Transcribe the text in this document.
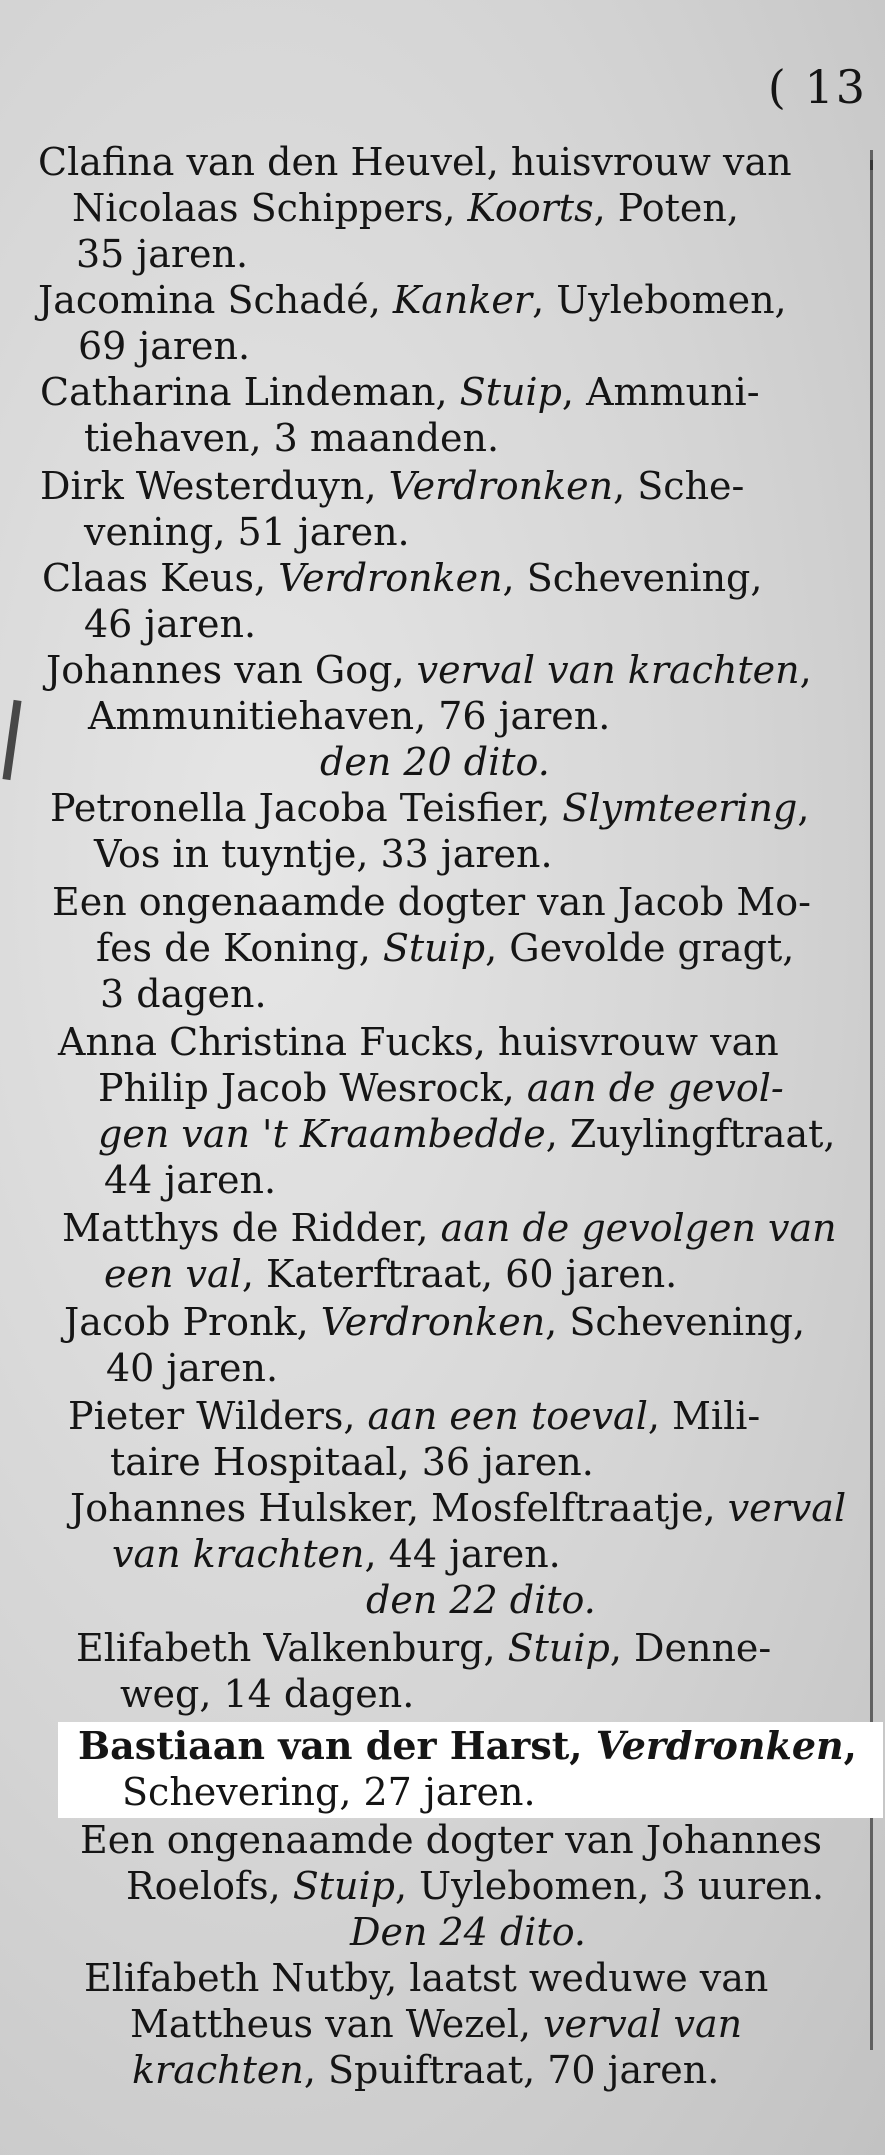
( 13
Clafina van den Heuvel, huisvrouw van
Nicolaas Schippers, Koorts, Poten,
35 jaren.
Jacomina Schadé, Kanker, Uylebomen,
69 jaren.
Catharina Lindeman, Stuip, Ammuni-
tiehaven, 3 maanden.
Dirk Westerduyn, Verdronken, Sche-
vening, 51 jaren.
Claas Keus, Verdronken, Schevening,
46 jaren.
Johannes van Gog, verval van krachten,
Ammunitiehaven, 76 jaren.
den 20 dito.
Petronella Jacoba Teisfier, Slymteering,
Vos in tuyntje, 33 jaren.
Een ongenaamde dogter van Jacob Mo-
fes de Koning, Stuip, Gevolde gragt,
3 dagen.
Anna Christina Fucks, huisvrouw van
Philip Jacob Wesrock, aan de gevol-
gen van 't Kraambedde, Zuylingftraat,
44 jaren.
Matthys de Ridder, aan de gevolgen van
een val, Katerftraat, 60 jaren.
Jacob Pronk, Verdronken, Schevening,
40 jaren.
Pieter Wilders, aan een toeval, Mili-
taire Hospitaal, 36 jaren.
Johannes Hulsker, Mosfelftraatje, verval
van krachten, 44 jaren.
den 22 dito.
Elifabeth Valkenburg, Stuip, Denne-
weg, 14 dagen.
Bastiaan van der Harst, Verdronken,
Schevering, 27 jaren.
Een ongenaamde dogter van Johannes
Roelofs, Stuip, Uylebomen, 3 uuren.
Den 24 dito.
Elifabeth Nutby, laatst weduwe van
Mattheus van Wezel, verval van
krachten, Spuiftraat, 70 jaren.
